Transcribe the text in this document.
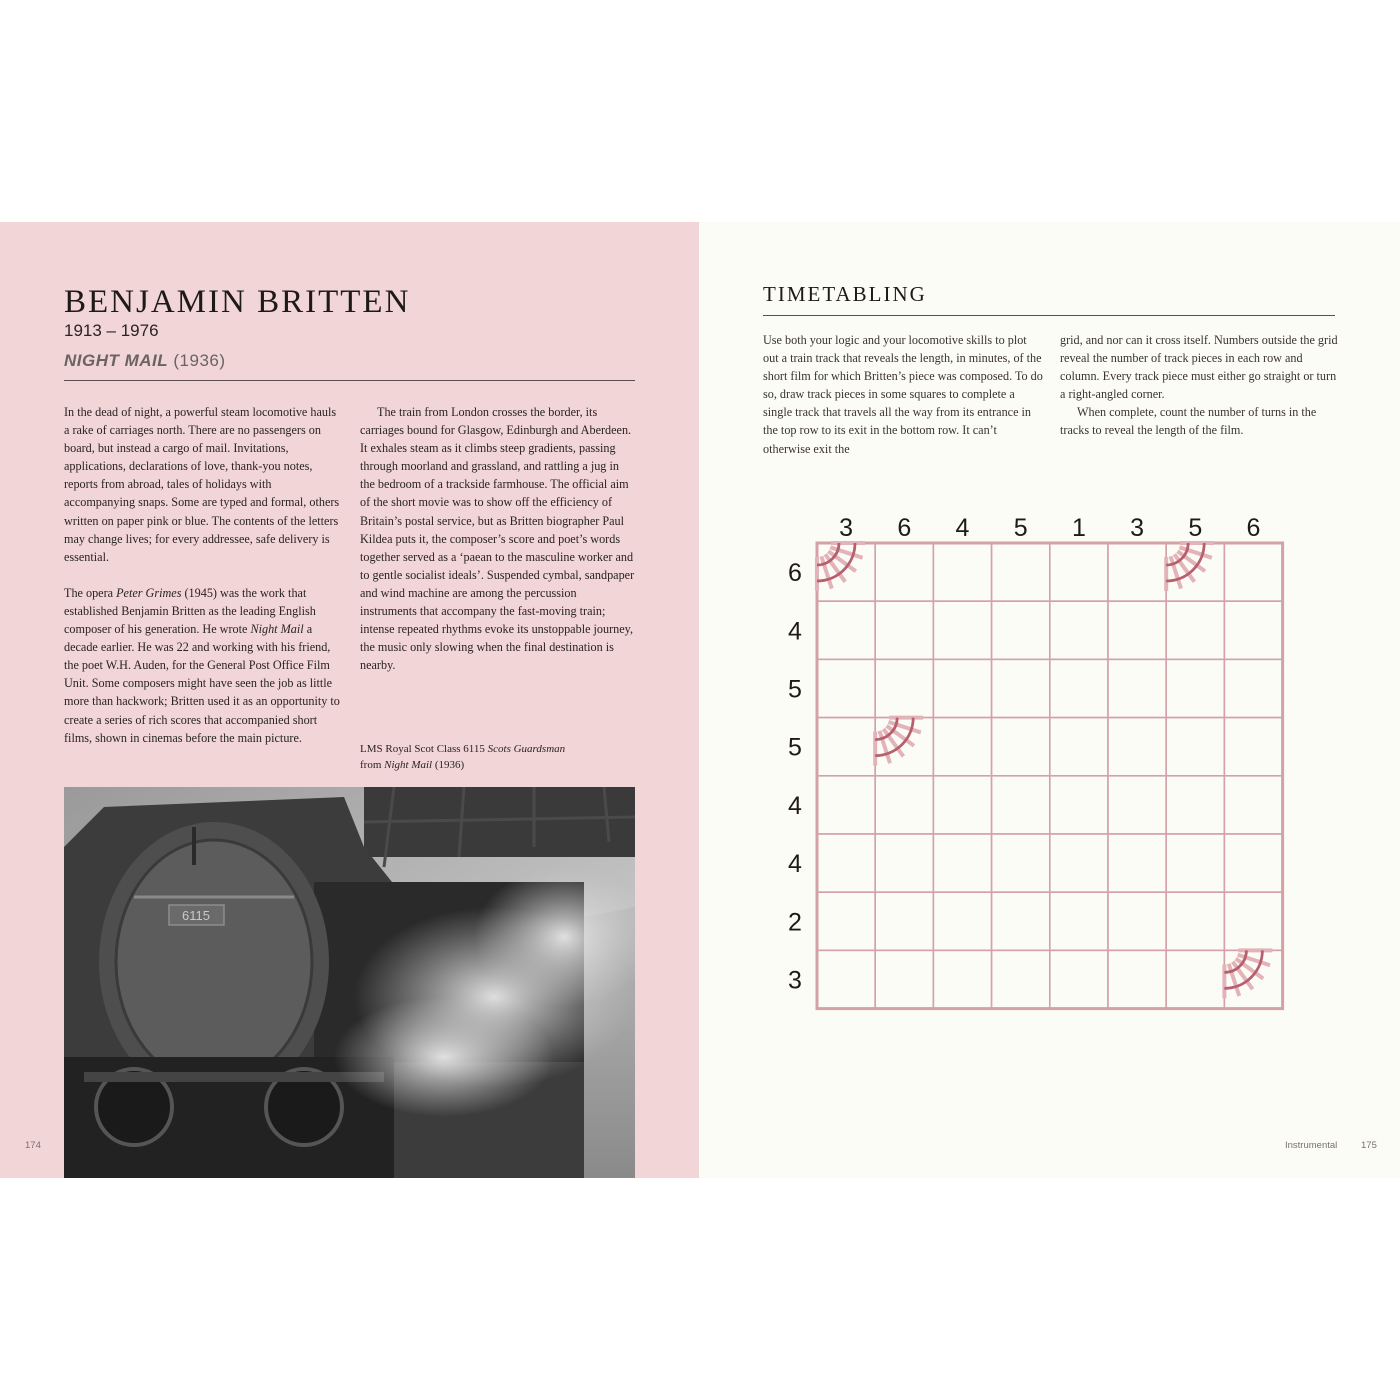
BENJAMIN BRITTEN
1913 – 1976
NIGHT MAIL (1936)

In the dead of night, a powerful steam locomotive hauls a rake of carriages north. There are no passengers on board, but instead a cargo of mail. Invitations, applications, declarations of love, thank-you notes, reports from abroad, tales of holidays with accompanying snaps. Some are typed and formal, others written on paper pink or blue. The contents of the letters may change lives; for every addressee, safe delivery is essential.

The opera Peter Grimes (1945) was the work that established Benjamin Britten as the leading English composer of his generation. He wrote Night Mail a decade earlier. He was 22 and working with his friend, the poet W.H. Auden, for the General Post Office Film Unit. Some composers might have seen the job as little more than hackwork; Britten used it as an opportunity to create a series of rich scores that accompanied short films, shown in cinemas before the main picture.

The train from London crosses the border, its carriages bound for Glasgow, Edinburgh and Aberdeen. It exhales steam as it climbs steep gradients, passing through moorland and grassland, and rattling a jug in the bedroom of a trackside farmhouse. The official aim of the short movie was to show off the efficiency of Britain’s postal service, but as Britten biographer Paul Kildea puts it, the composer’s score and poet’s words together served as a ‘paean to the masculine worker and to gentle socialist ideals’. Suspended cymbal, sandpaper and wind machine are among the percussion instruments that accompany the fast-moving train; intense repeated rhythms evoke its unstoppable journey, the music only slowing when the final destination is nearby.

LMS Royal Scot Class 6115 Scots Guardsman
from Night Mail (1936)
6115
174
TIMETABLING

Use both your logic and your locomotive skills to plot out a train track that reveals the length, in minutes, of the short film for which Britten’s piece was composed. To do so, draw track pieces in some squares to complete a single track that travels all the way from its entrance in the top row to its exit in the bottom row. It can’t otherwise exit the

grid, and nor can it cross itself. Numbers outside the grid reveal the number of track pieces in each row and column. Every track piece must either go straight or turn a right-angled corner.

When complete, count the number of turns in the tracks to reveal the length of the film.

3 6 4 5 1 3 5 6
6
4
5
5
4
4
2
3
Instrumental 175
